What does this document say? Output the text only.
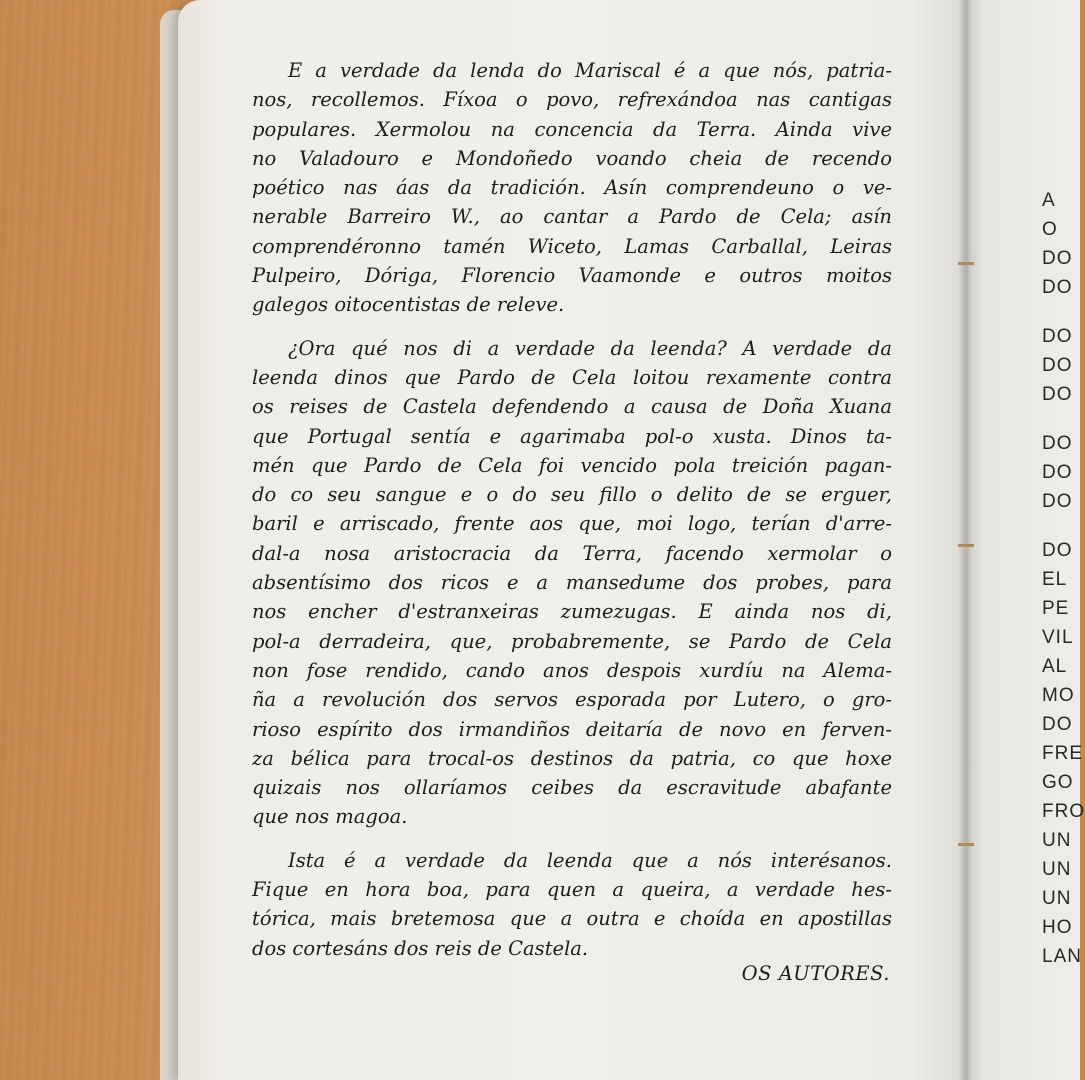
E a verdade da lenda do Mariscal é a que nós, patria-
nos, recollemos. Fíxoa o povo, refrexándoa nas cantigas
populares. Xermolou na concencia da Terra. Ainda vive
no Valadouro e Mondoñedo voando cheia de recendo
poético nas áas da tradición. Asín comprendeuno o ve-
nerable Barreiro W., ao cantar a Pardo de Cela; asín
comprendéronno tamén Wiceto, Lamas Carballal, Leiras
Pulpeiro, Dóriga, Florencio Vaamonde e outros moitos
galegos oitocentistas de releve.
¿Ora qué nos di a verdade da leenda? A verdade da
leenda dinos que Pardo de Cela loitou rexamente contra
os reises de Castela defendendo a causa de Doña Xuana
que Portugal sentía e agarimaba pol-o xusta. Dinos ta-
mén que Pardo de Cela foi vencido pola treición pagan-
do co seu sangue e o do seu fillo o delito de se erguer,
baril e arriscado, frente aos que, moi logo, terían d'arre-
dal-a nosa aristocracia da Terra, facendo xermolar o
absentísimo dos ricos e a mansedume dos probes, para
nos encher d'estranxeiras zumezugas. E ainda nos di,
pol-a derradeira, que, probabremente, se Pardo de Cela
non fose rendido, cando anos despois xurdíu na Alema-
ña a revolución dos servos esporada por Lutero, o gro-
rioso espírito dos irmandiños deitaría de novo en ferven-
za bélica para trocal-os destinos da patria, co que hoxe
quizais nos ollaríamos ceibes da escravitude abafante
que nos magoa.
Ista é a verdade da leenda que a nós interésanos.
Fique en hora boa, para quen a queira, a verdade hes-
tórica, mais bretemosa que a outra e choída en apostillas
dos cortesáns dos reis de Castela.
OS AUTORES.
A
O
DO
DO
DO
DO
DO
DO
DO
DO
DO
EL
PE
VIL
AL
MO
DO
FRE
GO
FRO
UN
UN
UN
HO
LAN
